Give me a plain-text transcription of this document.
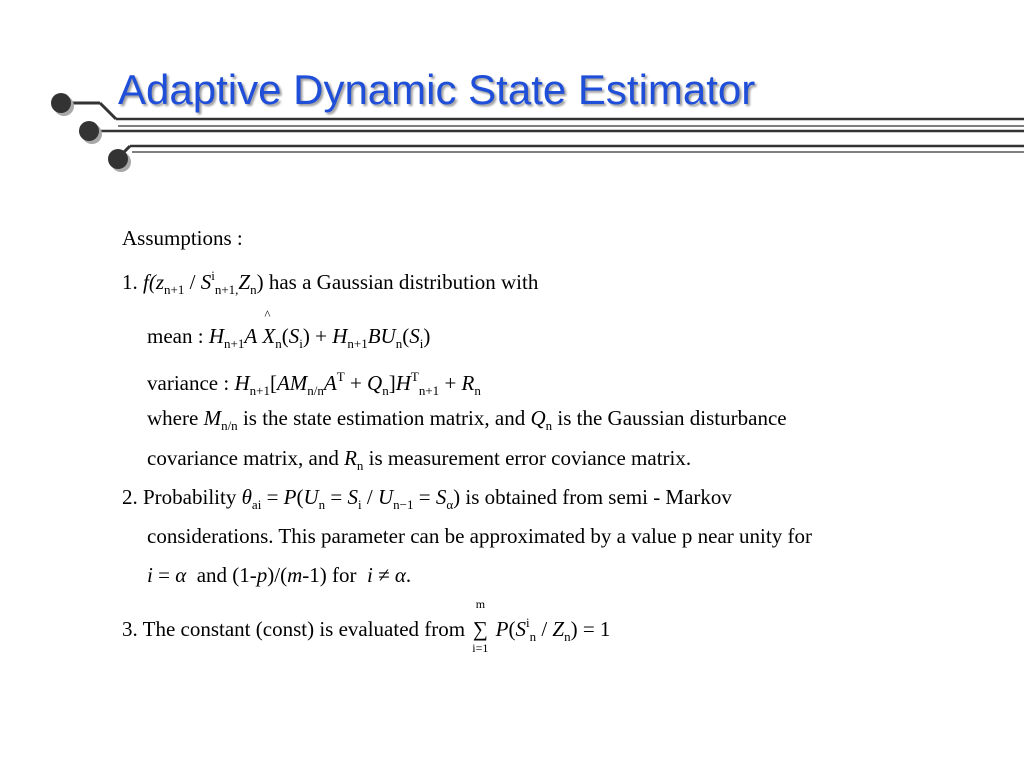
Adaptive Dynamic State Estimator
Assumptions :
1. $f(z_{n+1} / S^i_{n+1,}Z_n)$ has a Gaussian distribution with
mean : $H_{n+1}A$
^
$X_n(S_i) + H_{n+1}BU_n(S_i)$
variance : $H_{n+1}[AM_{n/n}A^T + Q_n]H^T_{n+1} + R_n$
where $M_{n/n}$ is the state estimation matrix, and $Q_n$ is the Gaussian disturbance
covariance matrix, and $R_n$ is measurement error coviance matrix.
2. Probability $\theta_{ai} = P(U_n = S_i / U_{n-1} = S_\alpha)$ is obtained from semi - Markov
considerations. This parameter can be approximated by a value p near unity for
i = α and (1-p)/(m-1) for i ≠ α.
3. The constant (const) is evaluated from
m
∑
i=1
$P(S^i_n / Z_n) = 1$
